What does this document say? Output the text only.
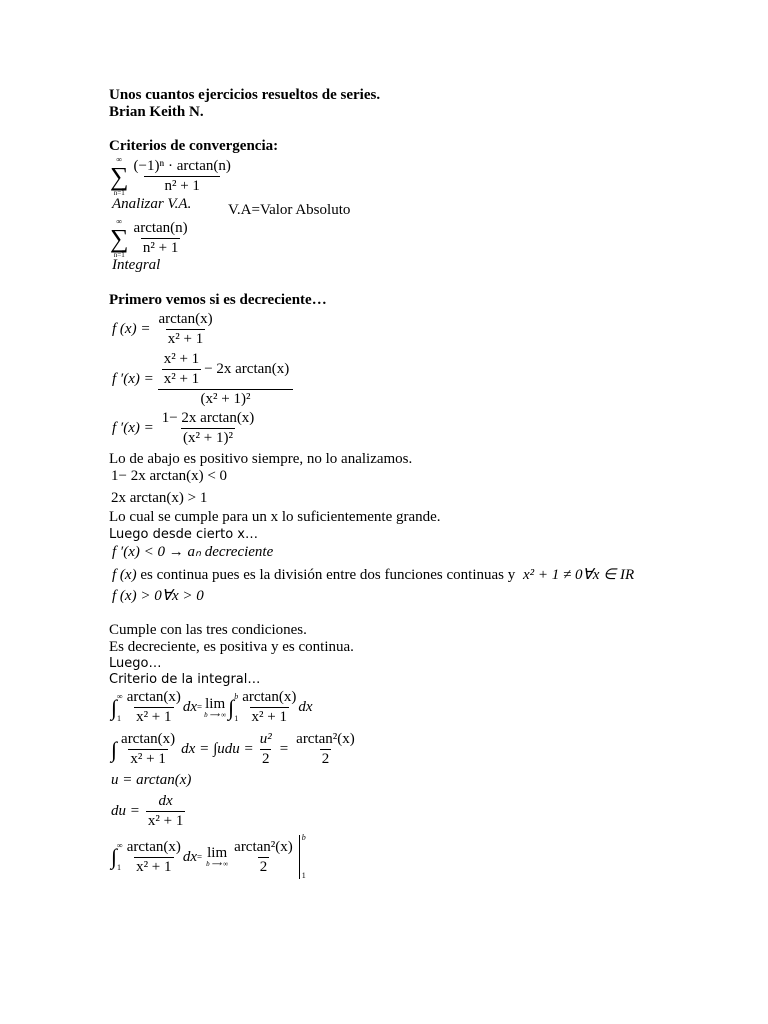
Unos cuantos ejercicios resueltos de series.
Brian Keith N.
Criterios de convergencia:
∞
∑
$n=1 \frac{\text{(−1)ⁿ · arctan(n)}}{\text{n² + 1}}$
Analizar V.A. V.A=Valor Absoluto
∞
∑
$n=1 \frac{\arctan(n)}{\text{n² + 1}}$
Integral
Primero vemos si es decreciente…
f $(x) = \frac{\arctan(x)}{\text{x² + 1}}$
f $'(x) = \frac{\frac{\text{x² + 1}}{\text{x² + 1}} - 2x \arctan(x)}{\text{(x² + 1)²}}$
f $'(x) = \frac{\text{1− 2x arctan(x)}}{\text{(x² + 1)²}}$
Lo de abajo es positivo siempre, no lo analizamos.
1− 2x arctan(x) < 0
2x arctan(x) > 1
Lo cual se cumple para un x lo suficientemente grande.
Luego desde cierto x…
f ′(x) < 0 → aₙ decreciente
f (x) es continua pues es la división entre dos funciones continuas y x² + 1 ≠ 0∀x ∈ IR
f (x) > 0∀x > 0
Cumple con las tres condiciones.
Es decreciente, es positiva y es continua.
Luego…
Criterio de la integral…
∫ ∞
$1 \frac{\arctan(x)}{\text{x² + 1}}$ dx = lim
b ⟶ ∞ ∫ b
$1 \frac{\arctan(x)}{\text{x² + 1}}$ dx
∫ $\frac{\arctan(x)}{\text{x² + 1}}$ dx = $\int udu = \frac{\text{u²}}{2} = \frac{\text{arctan²(x)}}{2}$
u = arctan(x)
du = $\frac{dx}{\text{x² + 1}}$
∫ ∞
$1 \frac{\arctan(x)}{\text{x² + 1}}$ dx = lim
b ⟶ ∞ $\frac{\text{arctan²(x)}}{2}$
b
1
